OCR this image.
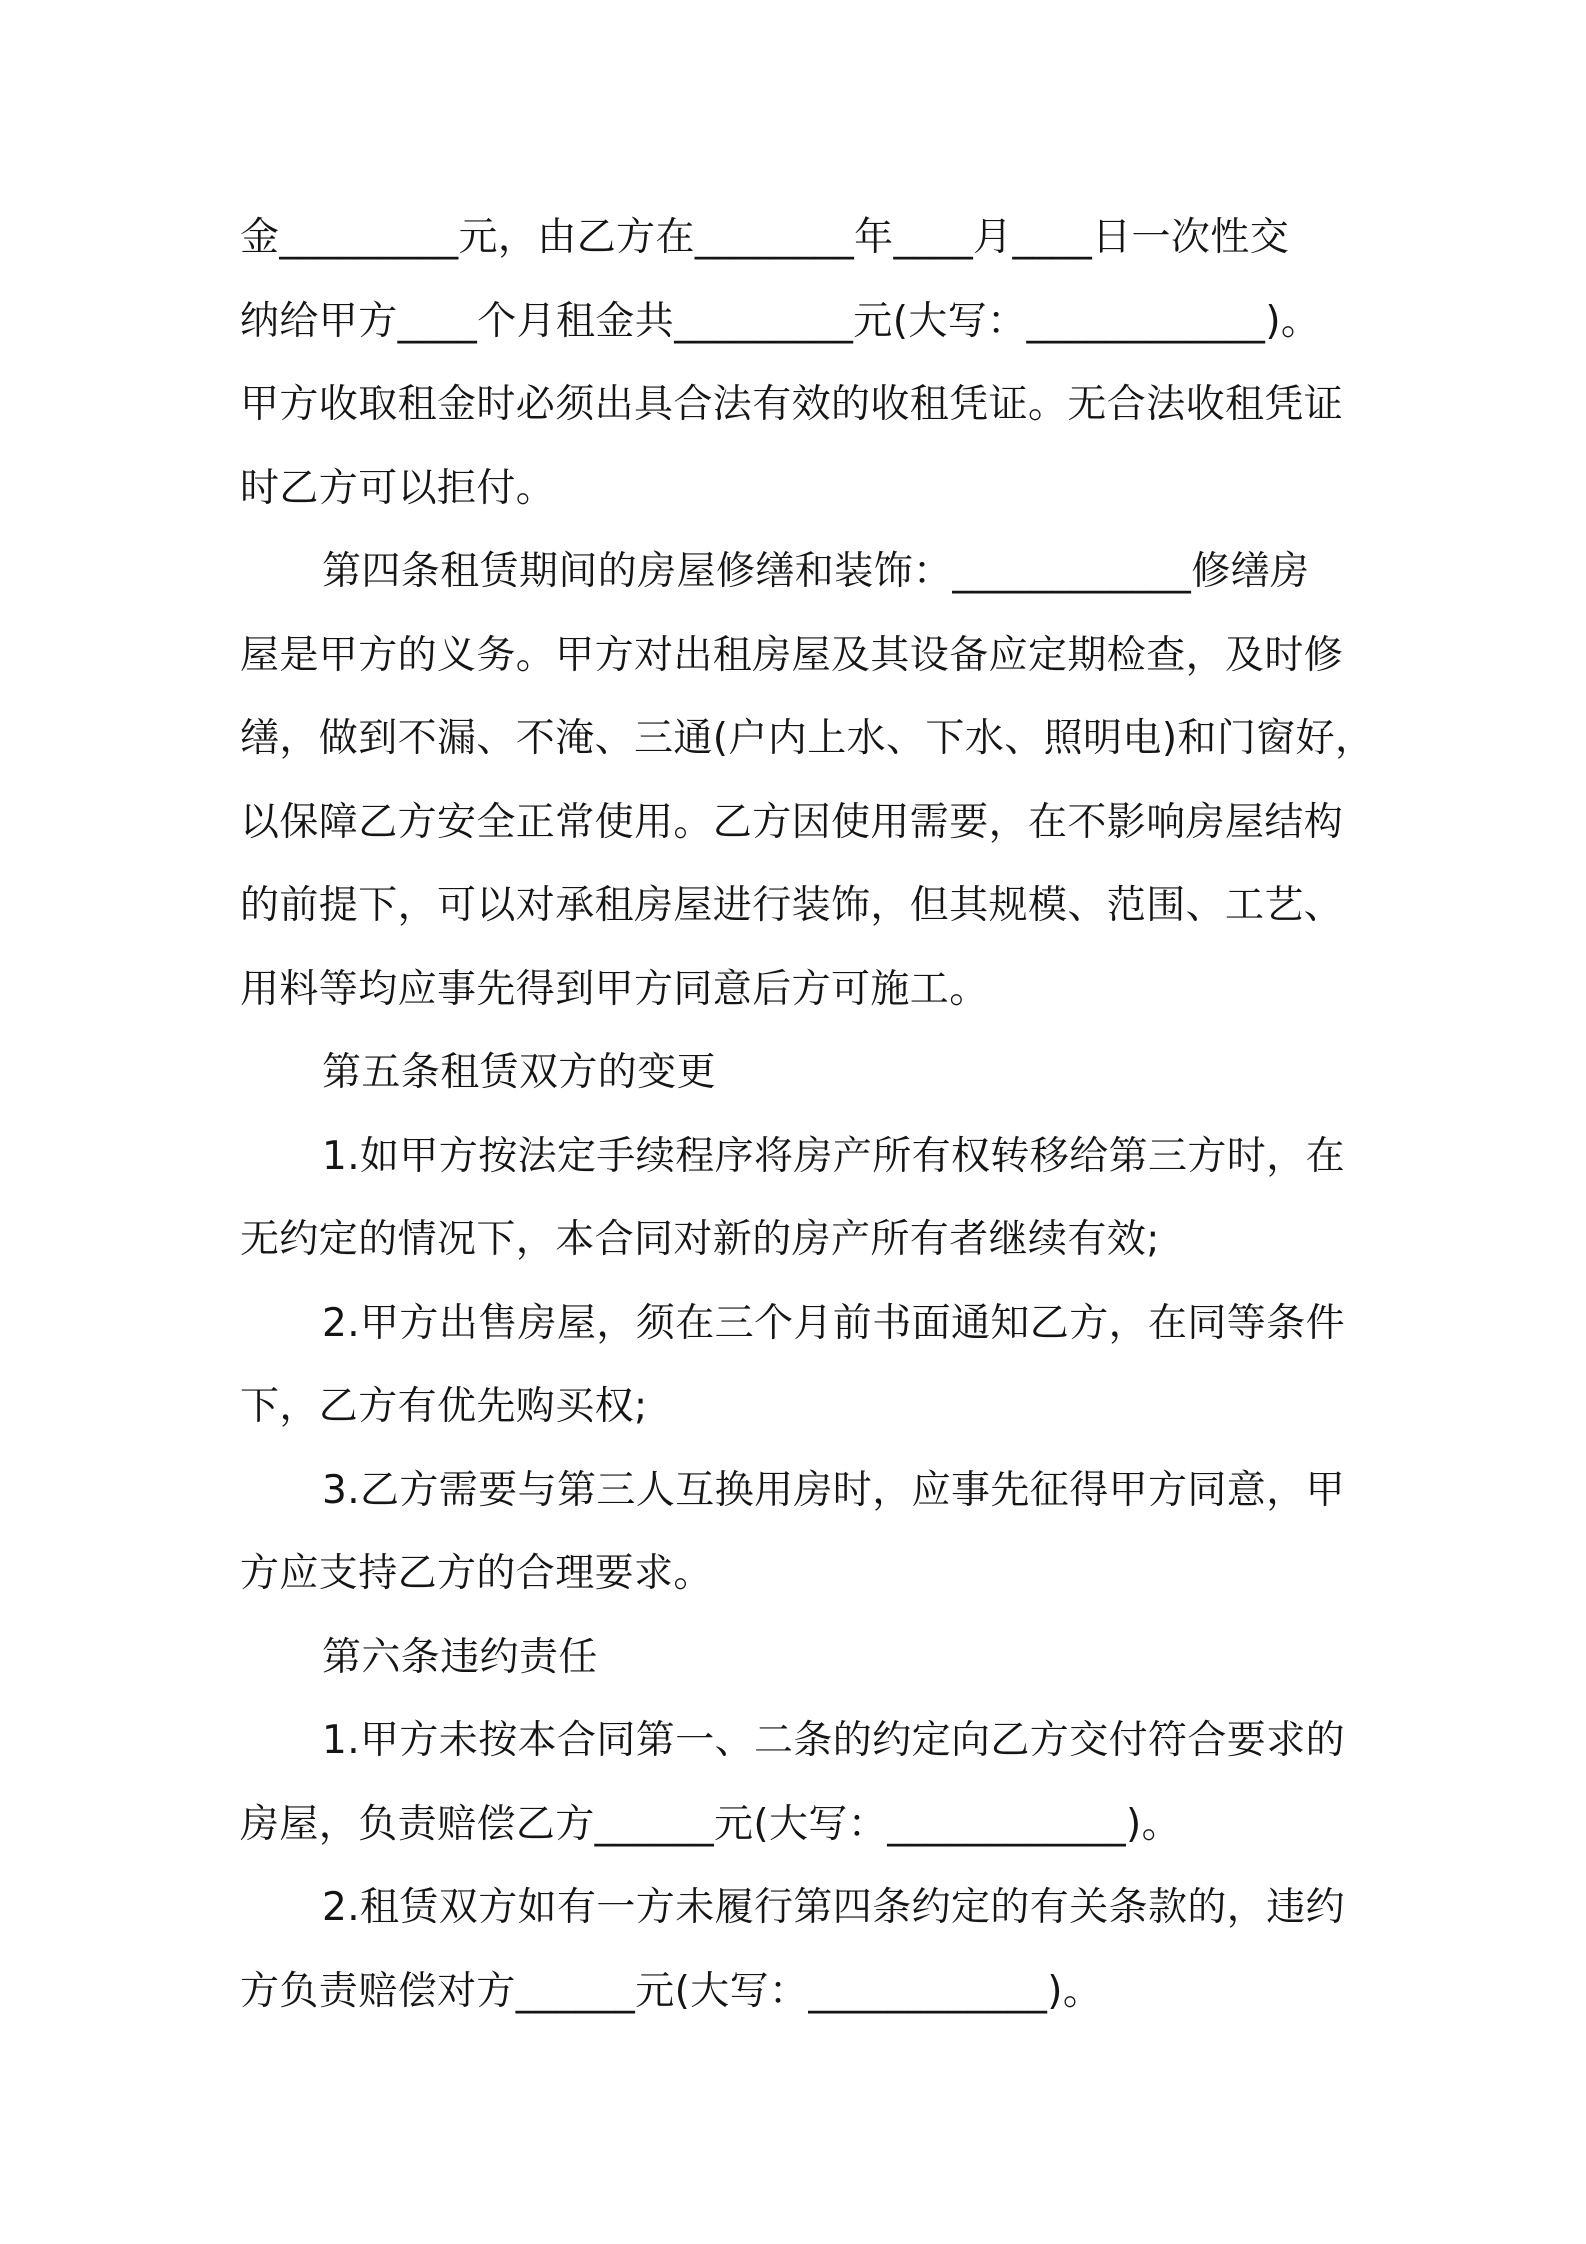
金_________元，由乙方在________年____月____日一次性交
纳给甲方____个月租金共_________元(大写：____________)。
甲方收取租金时必须出具合法有效的收租凭证。无合法收租凭证
时乙方可以拒付。
第四条租赁期间的房屋修缮和装饰：____________修缮房
屋是甲方的义务。甲方对出租房屋及其设备应定期检查，及时修
缮，做到不漏、不淹、三通(户内上水、下水、照明电)和门窗好，
以保障乙方安全正常使用。乙方因使用需要，在不影响房屋结构
的前提下，可以对承租房屋进行装饰，但其规模、范围、工艺、
用料等均应事先得到甲方同意后方可施工。
第五条租赁双方的变更
1.如甲方按法定手续程序将房产所有权转移给第三方时，在
无约定的情况下，本合同对新的房产所有者继续有效;
2.甲方出售房屋，须在三个月前书面通知乙方，在同等条件
下，乙方有优先购买权;
3.乙方需要与第三人互换用房时，应事先征得甲方同意，甲
方应支持乙方的合理要求。
第六条违约责任
1.甲方未按本合同第一、二条的约定向乙方交付符合要求的
房屋，负责赔偿乙方______元(大写：____________)。
2.租赁双方如有一方未履行第四条约定的有关条款的，违约
方负责赔偿对方______元(大写：____________)。
